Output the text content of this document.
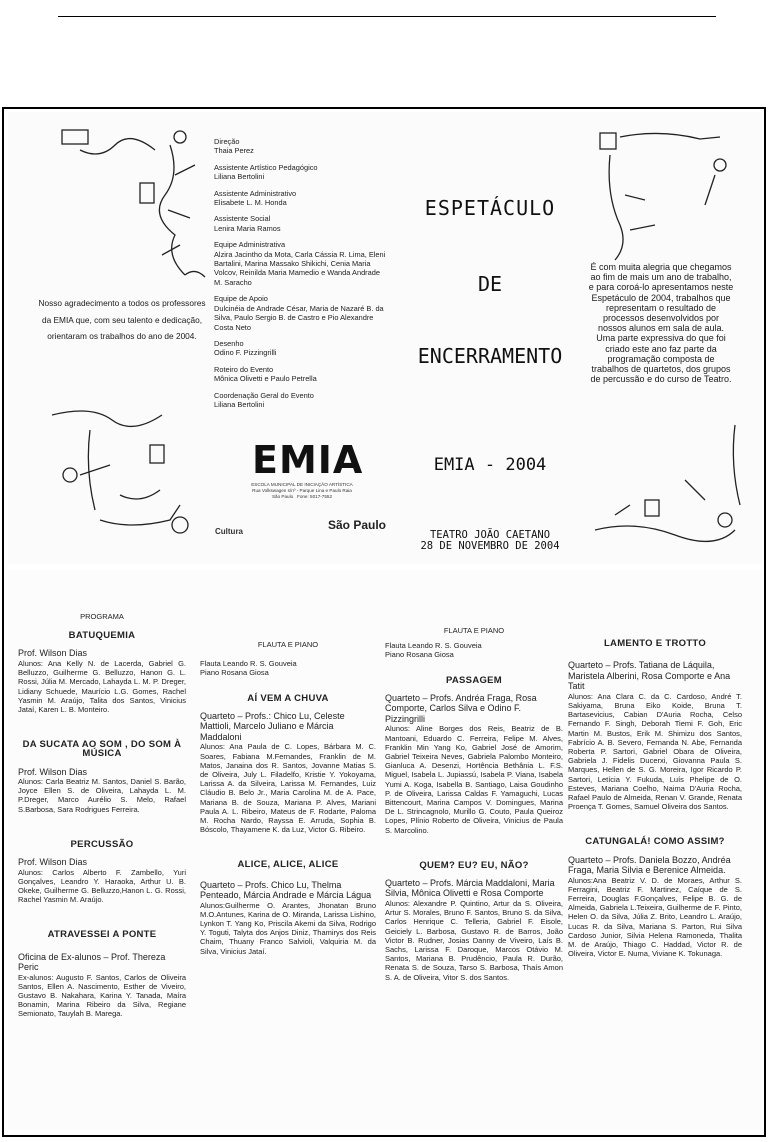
Nosso agradecimento a todos os professores da EMIA que, com seu talento e dedicação, orientaram os trabalhos do ano de 2004.
Direção
Thaia Perez
Assistente Artístico Pedagógico
Liliana Bertolini
Assistente Administrativo
Elisabete L. M. Honda
Assistente Social
Lenira Maria Ramos
Equipe Administrativa
Alzira Jacintho da Mota, Carla Cássia R. Lima, Eleni Bartalini, Marina Massako Shikichi, Cenia Maria Volcov, Reinilda Maria Mamedio e Wanda Andrade M. Saracho
Equipe de Apoio
Dulcinéia de Andrade César, Maria de Nazaré B. da Silva, Paulo Sergio B. de Castro e Pio Alexandre Costa Neto
Desenho
Odino F. Pizzingrilli
Roteiro do Evento
Mônica Olivetti e Paulo Petrella
Coordenação Geral do Evento
Liliana Bertolini
EMIA
ESCOLA MUNICIPAL DE INICIAÇÃO ARTÍSTICA
Rua Volkswagen s/nº - Parque Lina e Paulo Raia
São Paulo Fone: 5017-7552
Cultura	São Paulo
ESPETÁCULO
DE
ENCERRAMENTO
EMIA - 2004
TEATRO JOÃO CAETANO
28 DE NOVEMBRO DE 2004
É com muita alegria que chegamos ao fim de mais um ano de trabalho, e para coroá-lo apresentamos neste Espetáculo de 2004, trabalhos que representam o resultado de processos desenvolvidos por nossos alunos em sala de aula. Uma parte expressiva do que foi criado este ano faz parte da programação composta de trabalhos de quartetos, dos grupos de percussão e do curso de Teatro.
PROGRAMA
BATUQUEMIA
Prof. Wilson Dias
Alunos: Ana Kelly N. de Lacerda, Gabriel G. Belluzzo, Guilherme G. Belluzzo, Hanon G. L. Rossi, Júlia M. Mercado, Lahayda L. M. P. Dreger, Lidiany Schuede, Maurício L.G. Gomes, Rachel Yasmin M. Araújo, Talita dos Santos, Vinicius Jataí, Karen L. B. Monteiro.
DA SUCATA AO SOM , DO SOM À MÚSICA
Prof. Wilson Dias
Alunos: Carla Beatriz M. Santos, Daniel S. Barão, Joyce Ellen S. de Oliveira, Lahayda L. M. P.Dreger, Marco Aurélio S. Melo, Rafael S.Barbosa, Sara Rodrigues Ferreira.
PERCUSSÃO
Prof. Wilson Dias
Alunos: Carlos Alberto F. Zambello, Yuri Gonçalves, Leandro Y. Haraoka, Arthur U. B. Okeke, Guilherme G. Belluzzo,Hanon L. G. Rossi, Rachel Yasmin M. Araújo.
ATRAVESSEI A PONTE
Oficina de Ex-alunos – Prof. Thereza Peric
Ex-alunos: Augusto F. Santos, Carlos de Oliveira Santos, Ellen A. Nascimento, Esther de Viveiro, Gustavo B. Nakahara, Karina Y. Tanada, Maíra Bonamin, Marina Ribeiro da Silva, Regiane Semionato, Tauylah B. Marega.
FLAUTA E PIANO
Flauta Leando R. S. Gouveia
Piano Rosana Giosa
AÍ VEM A CHUVA
Quarteto – Profs.: Chico Lu, Celeste Mattioli, Marcelo Juliano e Márcia Maddaloni
Alunos: Ana Paula de C. Lopes, Bárbara M. C. Soares, Fabiana M.Fernandes, Franklin de M. Matos, Janaina dos R. Santos, Jovanne Matias S. de Oliveira, July L. Filadelfo, Kristie Y. Yokoyama, Larissa A. da Silveira, Larissa M. Fernandes, Luiz Cláudio B. Belo Jr., Maria Carolina M. de A. Pace, Mariana B. de Souza, Mariana P. Alves, Mariani Paula A. L. Ribeiro, Mateus de F. Rodarte, Paloma M. Rocha Nardo, Rayssa E. Arruda, Sophia B. Bóscolo, Thayamene K. da Luz, Victor G. Ribeiro.
ALICE, ALICE, ALICE
Quarteto – Profs. Chico Lu, Thelma Penteado, Márcia Andrade e Márcia Lágua
Alunos:Guilherme O. Arantes, Jhonatan Bruno M.O.Antunes, Karina de O. Miranda, Larissa Lishino, Lynkon T. Yang Ko, Priscila Akemi da Silva, Rodrigo Y. Toguti, Talyta dos Anjos Diniz, Thamirys dos Reis Chaim, Thuany Franco Salvioli, Valquiria M. da Silva, Vinicius Jataí.
FLAUTA E PIANO
Flauta Leando R. S. Gouveia
Piano Rosana Giosa
PASSAGEM
Quarteto – Profs. Andréa Fraga, Rosa Comporte, Carlos Silva e Odino F. Pizzingrilli
Alunos: Aline Borges dos Reis, Beatriz de B. Mantoani, Eduardo C. Ferreira, Felipe M. Alves, Franklin Min Yang Ko, Gabriel José de Amorim, Gabriel Teixeira Neves, Gabriela Palombo Monteiro, Gianluca A. Desenzi, Hortência Bethânia L. F.S. Miguel, Isabela L. Jupiassú, Isabela P. Viana, Isabela Yumi A. Koga, Isabella B. Santiago, Laisa Goudinho P. de Oliveira, Larissa Caldas F. Yamaguchi, Lucas Bittencourt, Marina Campos V. Domingues, Marina De L. Strincagnolo, Murillo G. Couto, Paula Queiroz Lopes, Plínio Roberto de Oliveira, Vinicius de Paula S. Marcolino.
QUEM? EU? EU, NÃO?
Quarteto – Profs. Márcia Maddaloni, Maria Silvia, Mônica Olivetti e Rosa Comporte
Alunos: Alexandre P. Quintino, Artur da S. Oliveira, Artur S. Morales, Bruno F. Santos, Bruno S. da Silva, Carlos Henrique C. Telleria, Gabriel F. Eisole, Geiciely L. Barbosa, Gustavo R. de Barros, João Victor B. Rudner, Josias Danny de Viveiro, Laís B. Sachs, Larissa F. Daroque, Marcos Otávio M. Santos, Mariana B. Prudêncio, Paula R. Durão, Renata S. de Souza, Tarso S. Barbosa, Thaís Amon S. A. de Oliveira, Vitor S. dos Santos.
LAMENTO E TROTTO
Quarteto – Profs. Tatiana de Láquila, Maristela Alberini, Rosa Comporte e Ana Tatit
Alunos: Ana Clara C. da C. Cardoso, André T. Sakiyama, Bruna Eiko Koide, Bruna T. Bartasevicius, Cabian D'Auria Rocha, Celso Fernando F. Singh, Deborah Tiemi F. Goh, Eric Martin M. Bustos, Erik M. Shimizu dos Santos, Fabrício A. B. Severo, Fernanda N. Abe, Fernanda Roberta P. Sartori, Gabriel Obara de Oliveira, Gabriela J. Fidelis Ducerxi, Giovanna Paula S. Marques, Hellen de S. G. Moreira, Igor Ricardo P. Sartori, Letícia Y. Fukuda, Luís Phelipe de O. Esteves, Mariana Coelho, Naima D'Auria Rocha, Rafael Paulo de Almeida, Renan V. Grande, Renata Proença T. Gomes, Samuel Oliveira dos Santos.
CATUNGALÁ! COMO ASSIM?
Quarteto – Profs. Daniela Bozzo, Andréa Fraga, Maria Silvia e Berenice Almeida.
Alunos:Ana Beatriz V. D. de Moraes, Arthur S. Ferragini, Beatriz F. Martinez, Caíque de S. Ferreira, Douglas F.Gonçalves, Felipe B. G. de Almeida, Gabriela L.Teixeira, Guilherme de F. Pinto, Helen O. da Silva, Júlia Z. Brito, Leandro L. Araújo, Lucas R. da Silva, Mariana S. Parton, Rui Silva Cardoso Junior, Silvia Helena Ramoneda, Thalita M. de Araújo, Thiago C. Haddad, Victor R. de Oliveira, Victor E. Numa, Viviane K. Tokunaga.
